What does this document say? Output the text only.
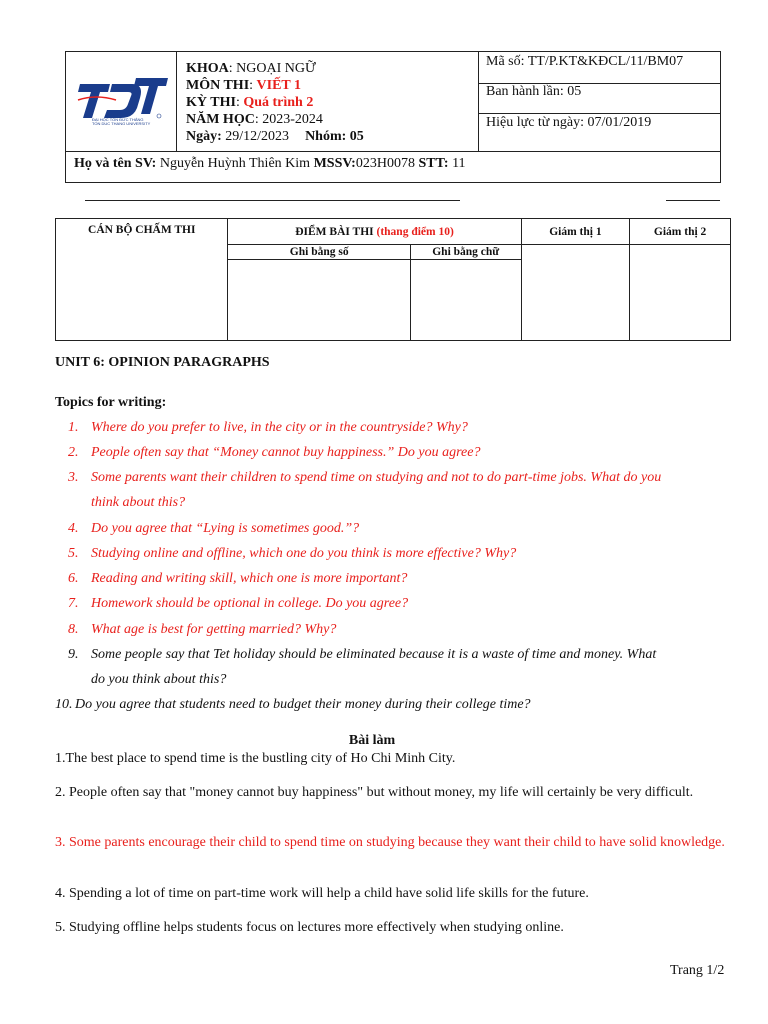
ĐẠI HỌC TÔN ĐỨC THẮNG
TON DUC THANG UNIVERSITY
KHOA: NGOẠI NGỮ
MÔN THI: VIẾT 1
KỲ THI: Quá trình 2
NĂM HỌC: 2023-2024
Ngày: 29/12/2023 Nhóm: 05
Mã số: TT/P.KT&KĐCL/11/BM07
Ban hành lần: 05
Hiệu lực từ ngày: 07/01/2019
Họ và tên SV: Nguyễn Huỳnh Thiên Kim MSSV:023H0078 STT: 11
CÁN BỘ CHẤM THI	ĐIỂM BÀI THI (thang điểm 10)		Giám thị 1	Giám thị 2
	Ghi bằng số	Ghi bằng chữ		

UNIT 6: OPINION PARAGRAPHS
Topics for writing:
1. Where do you prefer to live, in the city or in the countryside? Why?
2. People often say that “Money cannot buy happiness.” Do you agree?
3. Some parents want their children to spend time on studying and not to do part-time jobs. What do you
think about this?
4. Do you agree that “Lying is sometimes good.”?
5. Studying online and offline, which one do you think is more effective? Why?
6. Reading and writing skill, which one is more important?
7. Homework should be optional in college. Do you agree?
8. What age is best for getting married? Why?
9. Some people say that Tet holiday should be eliminated because it is a waste of time and money. What
do you think about this?
10. Do you agree that students need to budget their money during their college time?
Bài làm
1.The best place to spend time is the bustling city of Ho Chi Minh City.
2. People often say that "money cannot buy happiness" but without money, my life will certainly be very difficult.
3. Some parents encourage their child to spend time on studying because they want their child to have solid knowledge.
4. Spending a lot of time on part-time work will help a child have solid life skills for the future.
5. Studying offline helps students focus on lectures more effectively when studying online.
Trang 1/2
